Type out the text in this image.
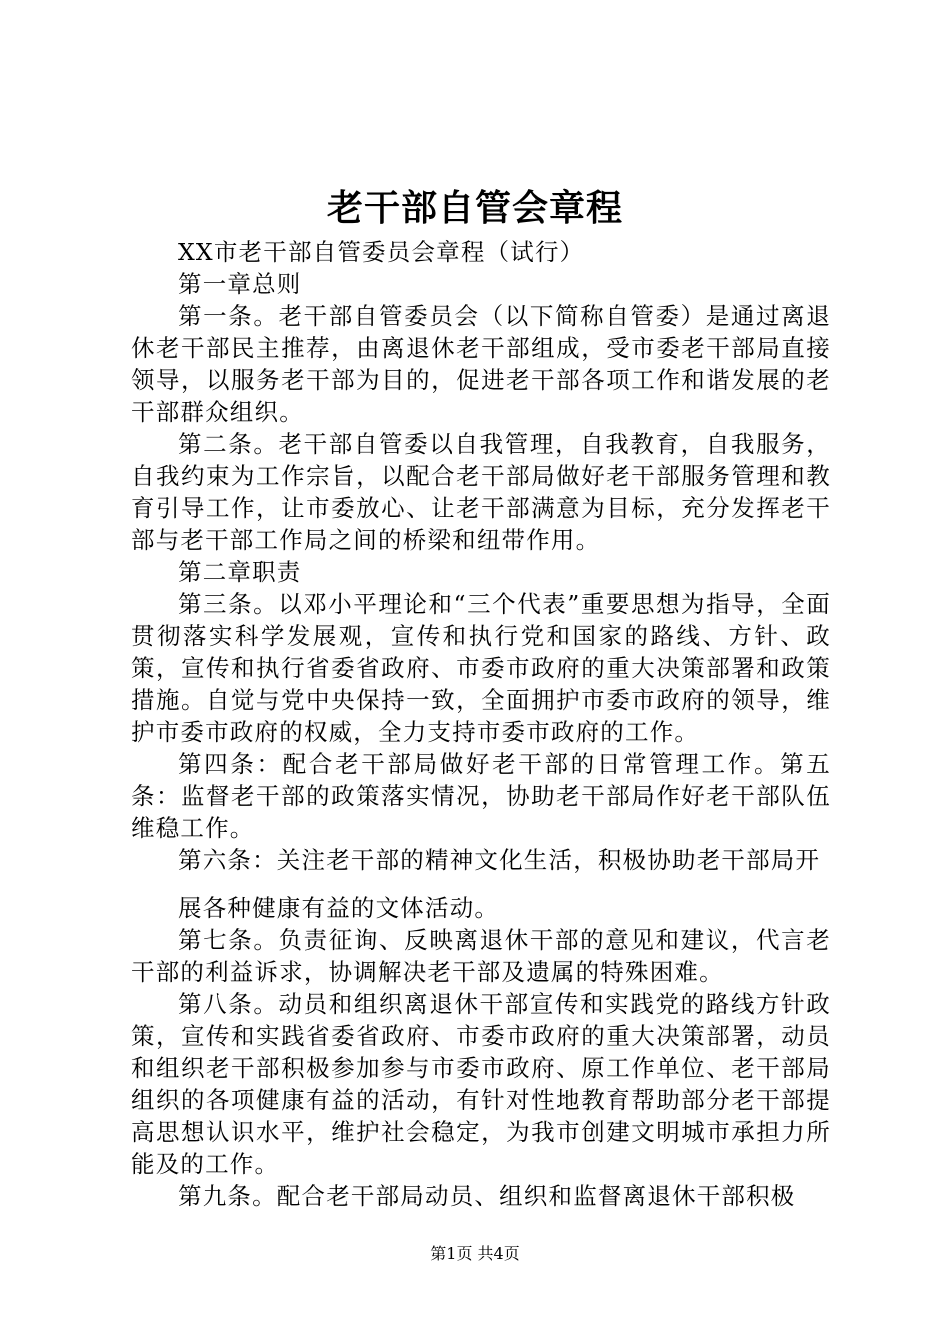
老干部自管会章程

XX市老干部自管委员会章程（试行）

第一章总则

第一条。老干部自管委员会（以下简称自管委）是通过离退休老干部民主推荐，由离退休老干部组成，受市委老干部局直接领导，以服务老干部为目的，促进老干部各项工作和谐发展的老干部群众组织。

第二条。老干部自管委以自我管理，自我教育，自我服务，自我约束为工作宗旨，以配合老干部局做好老干部服务管理和教育引导工作，让市委放心、让老干部满意为目标，充分发挥老干部与老干部工作局之间的桥梁和纽带作用。

第二章职责

第三条。以邓小平理论和“三个代表”重要思想为指导，全面贯彻落实科学发展观，宣传和执行党和国家的路线、方针、政策，宣传和执行省委省政府、市委市政府的重大决策部署和政策措施。自觉与党中央保持一致，全面拥护市委市政府的领导，维护市委市政府的权威，全力支持市委市政府的工作。

第四条：配合老干部局做好老干部的日常管理工作。第五条：监督老干部的政策落实情况，协助老干部局作好老干部队伍维稳工作。

第六条：关注老干部的精神文化生活，积极协助老干部局开

展各种健康有益的文体活动。

第七条。负责征询、反映离退休干部的意见和建议，代言老干部的利益诉求，协调解决老干部及遗属的特殊困难。

第八条。动员和组织离退休干部宣传和实践党的路线方针政策，宣传和实践省委省政府、市委市政府的重大决策部署，动员和组织老干部积极参加参与市委市政府、原工作单位、老干部局组织的各项健康有益的活动，有针对性地教育帮助部分老干部提高思想认识水平，维护社会稳定，为我市创建文明城市承担力所能及的工作。

第九条。配合老干部局动员、组织和监督离退休干部积极

第1页 共4页
